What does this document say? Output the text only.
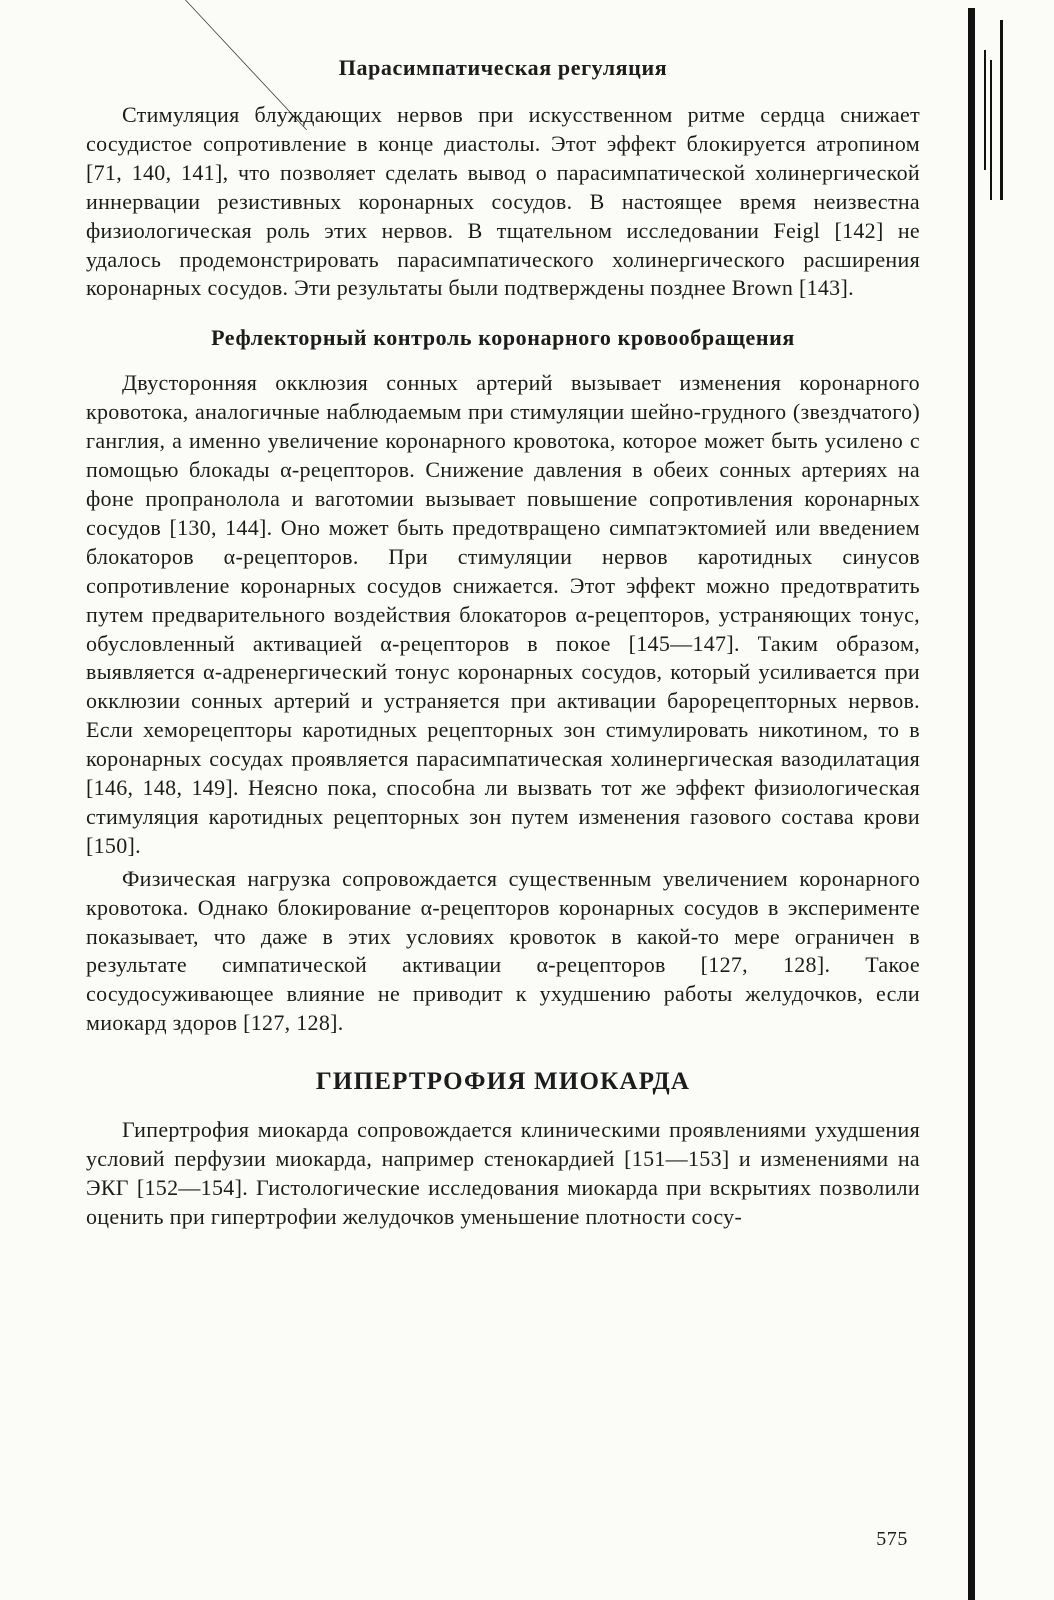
Парасимпатическая регуляция

Стимуляция блуждающих нервов при искусственном ритме сердца снижает сосудистое сопротивление в конце диастолы. Этот эффект блокируется атропином [71, 140, 141], что позволяет сделать вывод о парасимпатической холинергической иннервации резистивных коронарных сосудов. В настоящее время неизвестна физиологическая роль этих нервов. В тщательном исследовании Feigl [142] не удалось продемонстрировать парасимпатического холинергического расширения коронарных сосудов. Эти результаты были подтверждены позднее Brown [143].

Рефлекторный контроль коронарного кровообращения

Двусторонняя окклюзия сонных артерий вызывает изменения коронарного кровотока, аналогичные наблюдаемым при стимуляции шейно-грудного (звездчатого) ганглия, а именно увеличение коронарного кровотока, которое может быть усилено с помощью блокады α-рецепторов. Снижение давления в обеих сонных артериях на фоне пропранолола и ваготомии вызывает повышение сопротивления коронарных сосудов [130, 144]. Оно может быть предотвращено симпатэктомией или введением блокаторов α-рецепторов. При стимуляции нервов каротидных синусов сопротивление коронарных сосудов снижается. Этот эффект можно предотвратить путем предварительного воздействия блокаторов α-рецепторов, устраняющих тонус, обусловленный активацией α-рецепторов в покое [145—147]. Таким образом, выявляется α-адренергический тонус коронарных сосудов, который усиливается при окклюзии сонных артерий и устраняется при активации барорецепторных нервов. Если хеморецепторы каротидных рецепторных зон стимулировать никотином, то в коронарных сосудах проявляется парасимпатическая холинергическая вазодилатация [146, 148, 149]. Неясно пока, способна ли вызвать тот же эффект физиологическая стимуляция каротидных рецепторных зон путем изменения газового состава крови [150].

Физическая нагрузка сопровождается существенным увеличением коронарного кровотока. Однако блокирование α-рецепторов коронарных сосудов в эксперименте показывает, что даже в этих условиях кровоток в какой-то мере ограничен в результате симпатической активации α-рецепторов [127, 128]. Такое сосудосуживающее влияние не приводит к ухудшению работы желудочков, если миокард здоров [127, 128].

ГИПЕРТРОФИЯ МИОКАРДА

Гипертрофия миокарда сопровождается клиническими проявлениями ухудшения условий перфузии миокарда, например стенокардией [151—153] и изменениями на ЭКГ [152—154]. Гистологические исследования миокарда при вскрытиях позволили оценить при гипертрофии желудочков уменьшение плотности сосу-

575
